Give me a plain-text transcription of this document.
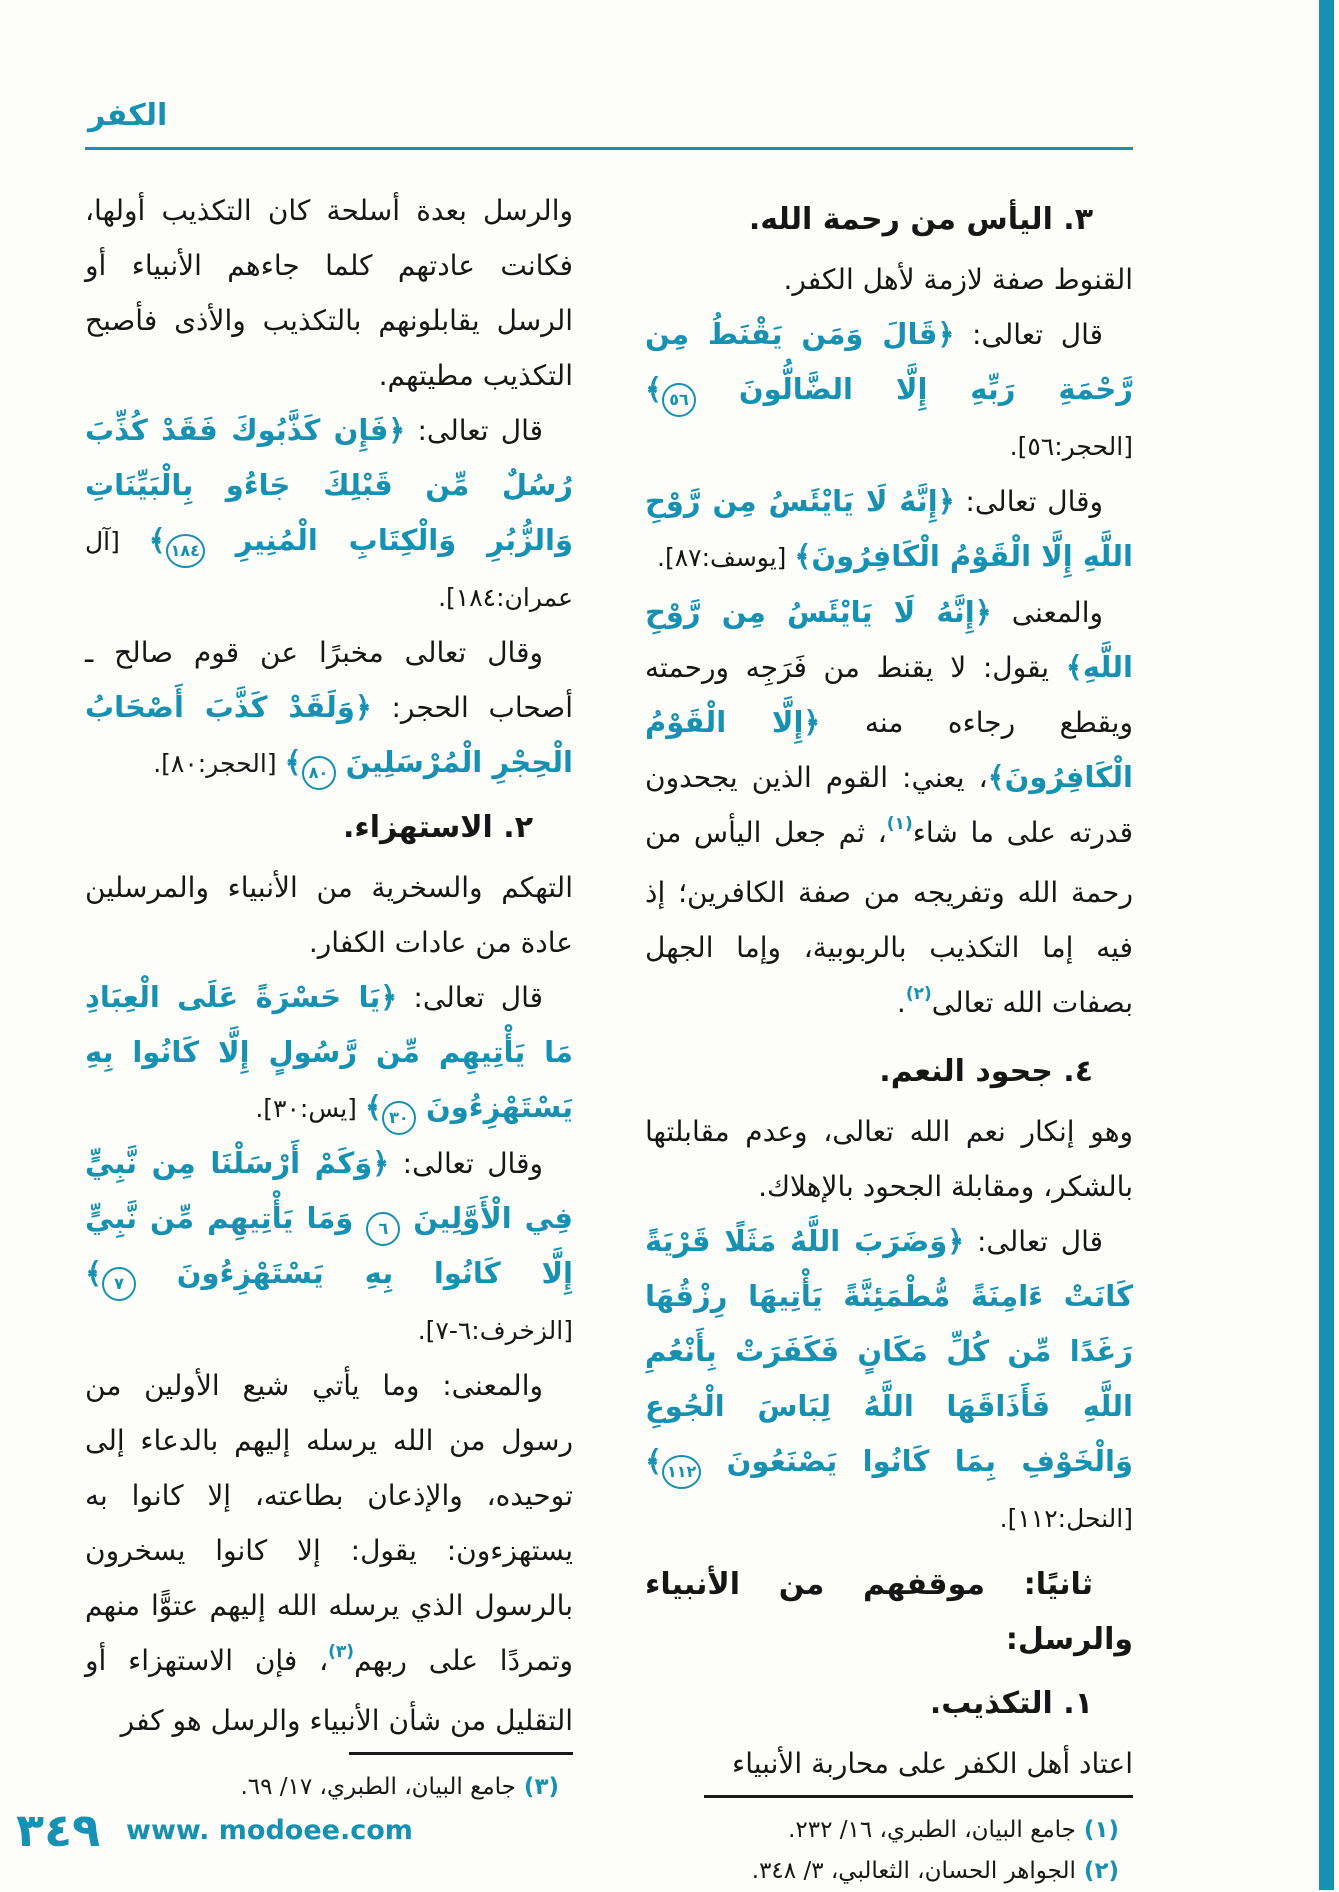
الكفر
٣. اليأس من رحمة الله.
القنوط صفة لازمة لأهل الكفر.
قال تعالى: ﴿قَالَ وَمَن يَقْنَطُ مِن رَّحْمَةِ رَبِّهِ إِلَّا الضَّالُّونَ ٥٦﴾ [الحجر:٥٦].
وقال تعالى: ﴿إِنَّهُ لَا يَايْئَسُ مِن رَّوْحِ اللَّهِ إِلَّا الْقَوْمُ الْكَافِرُونَ﴾ [يوسف:٨٧].
والمعنى ﴿إِنَّهُ لَا يَايْئَسُ مِن رَّوْحِ اللَّهِ﴾ يقول: لا يقنط من فَرَجِه ورحمته ويقطع رجاءه منه ﴿إِلَّا الْقَوْمُ الْكَافِرُونَ﴾، يعني: القوم الذين يجحدون قدرته على ما شاء$^{(١)}$، ثم جعل اليأس من رحمة الله وتفريجه من صفة الكافرين؛ إذ فيه إما التكذيب بالربوبية، وإما الجهل بصفات الله تعالى$^{(٢)}$.
٤. جحود النعم.
وهو إنكار نعم الله تعالى، وعدم مقابلتها بالشكر، ومقابلة الجحود بالإهلاك.
قال تعالى: ﴿وَضَرَبَ اللَّهُ مَثَلًا قَرْيَةً كَانَتْ ءَامِنَةً مُّطْمَئِنَّةً يَأْتِيهَا رِزْقُهَا رَغَدًا مِّن كُلِّ مَكَانٍ فَكَفَرَتْ بِأَنْعُمِ اللَّهِ فَأَذَاقَهَا اللَّهُ لِبَاسَ الْجُوعِ وَالْخَوْفِ بِمَا كَانُوا يَصْنَعُونَ ١١٢﴾ [النحل:١١٢].
ثانيًا: موقفهم من الأنبياء والرسل:
١. التكذيب.
اعتاد أهل الكفر على محاربة الأنبياء
(١) جامع البيان، الطبري، ١٦/ ٢٣٢.
(٢) الجواهر الحسان، الثعالبي، ٣/ ٣٤٨.
والرسل بعدة أسلحة كان التكذيب أولها، فكانت عادتهم كلما جاءهم الأنبياء أو الرسل يقابلونهم بالتكذيب والأذى فأصبح التكذيب مطيتهم.
قال تعالى: ﴿فَإِن كَذَّبُوكَ فَقَدْ كُذِّبَ رُسُلٌ مِّن قَبْلِكَ جَاءُو بِالْبَيِّنَاتِ وَالزُّبُرِ وَالْكِتَابِ الْمُنِيرِ ١٨٤﴾ [آل عمران:١٨٤].
وقال تعالى مخبرًا عن قوم صالح ـ أصحاب الحجر: ﴿وَلَقَدْ كَذَّبَ أَصْحَابُ الْحِجْرِ الْمُرْسَلِينَ ٨٠﴾ [الحجر:٨٠].
٢. الاستهزاء.
التهكم والسخرية من الأنبياء والمرسلين عادة من عادات الكفار.
قال تعالى: ﴿يَا حَسْرَةً عَلَى الْعِبَادِ مَا يَأْتِيهِم مِّن رَّسُولٍ إِلَّا كَانُوا بِهِ يَسْتَهْزِءُونَ ٣٠﴾ [يس:٣٠].
وقال تعالى: ﴿وَكَمْ أَرْسَلْنَا مِن نَّبِيٍّ فِي الْأَوَّلِينَ ٦ وَمَا يَأْتِيهِم مِّن نَّبِيٍّ إِلَّا كَانُوا بِهِ يَسْتَهْزِءُونَ ٧﴾ [الزخرف:٦-٧].
والمعنى: وما يأتي شيع الأولين من رسول من الله يرسله إليهم بالدعاء إلى توحيده، والإذعان بطاعته، إلا كانوا به يستهزءون: يقول: إلا كانوا يسخرون بالرسول الذي يرسله الله إليهم عتوًّا منهم وتمردًا على ربهم$^{(٣)}$، فإن الاستهزاء أو التقليل من شأن الأنبياء والرسل هو كفر
(٣) جامع البيان، الطبري، ١٧/ ٦٩.
٣٤٩ www. modoee.com
